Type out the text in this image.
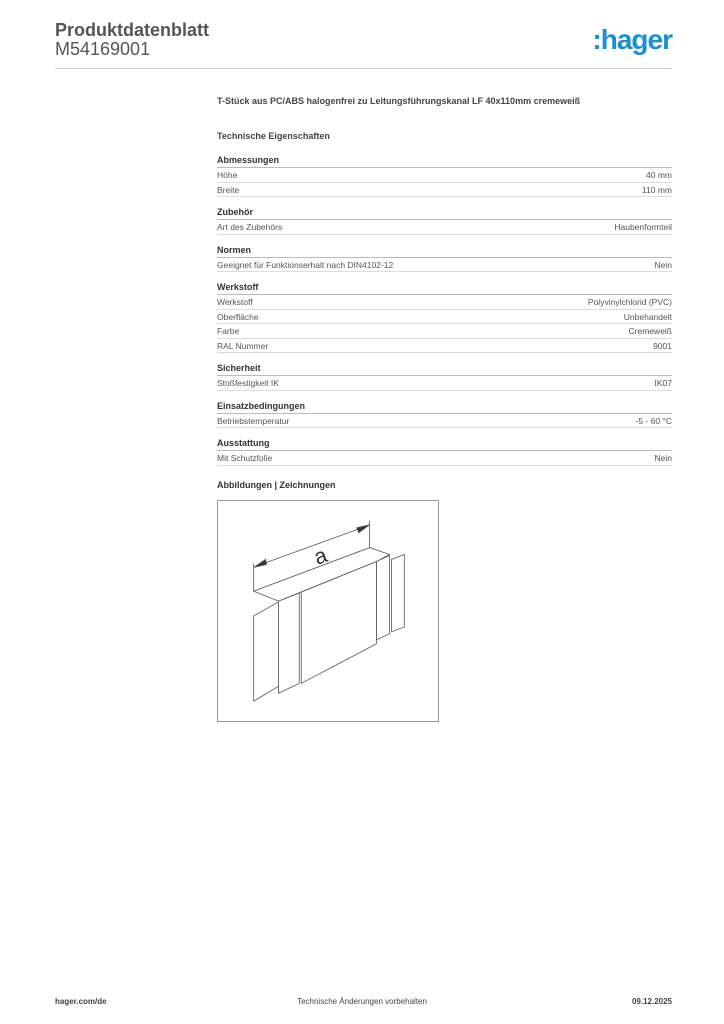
Produktdatenblatt
M54169001	:hager
T-Stück aus PC/ABS halogenfrei zu Leitungsführungskanal LF 40x110mm cremeweiß
Technische Eigenschaften
Abmessungen
Höhe	40 mm
Breite	110 mm
Zubehör
Art des Zubehörs	Haubenformteil
Normen
Geeignet für Funktionserhalt nach DIN4102-12	Nein
Werkstoff
Werkstoff	Polyvinylchlorid (PVC)
Oberfläche	Unbehandelt
Farbe	Cremeweiß
RAL Nummer	9001
Sicherheit
Stoßfestigkeit IK	IK07
Einsatzbedingungen
Betriebstemperatur	-5 - 60 °C
Ausstattung
Mit Schutzfolie	Nein
Abbildungen | Zeichnungen
a
hager.com/de	Technische Änderungen vorbehalten	09.12.2025
